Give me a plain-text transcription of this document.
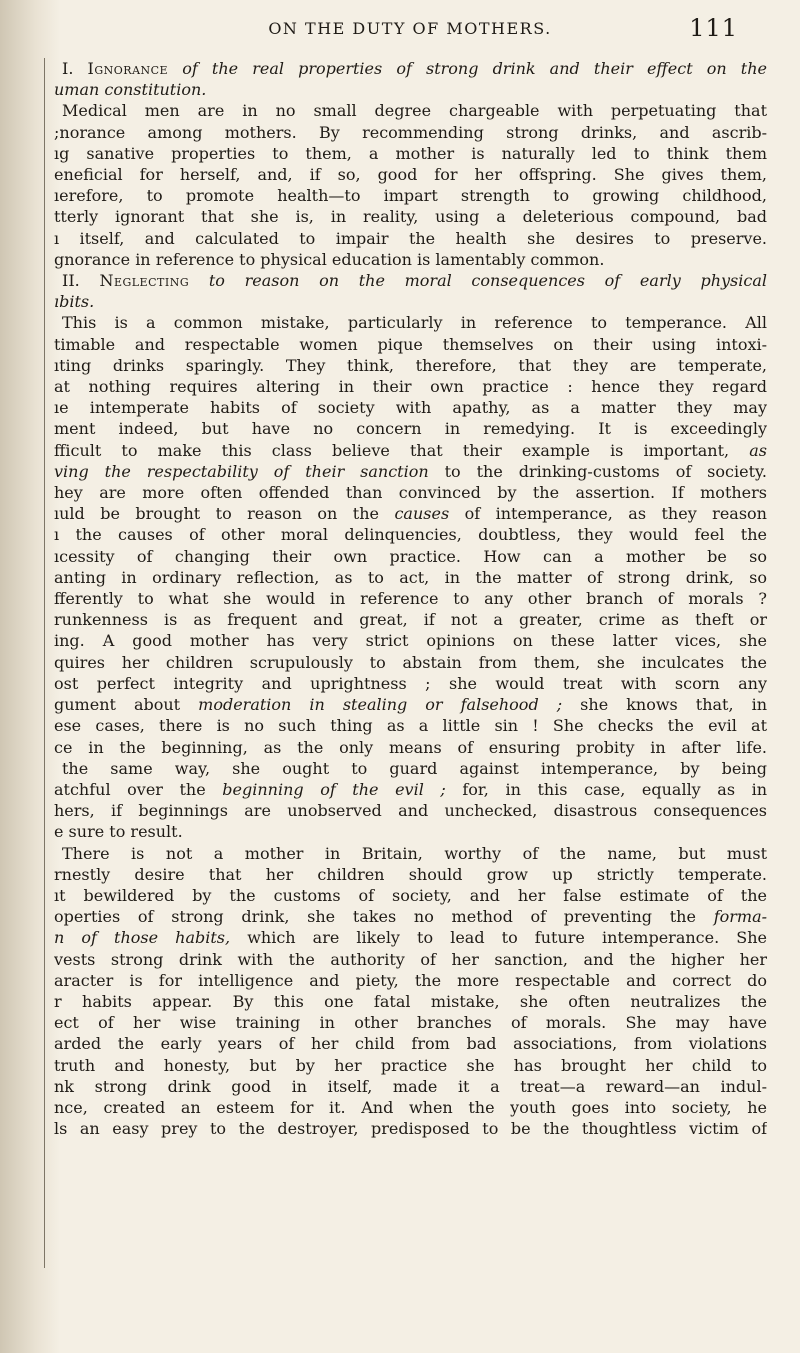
ON THE DUTY OF MOTHERS.	111
I. Ignorance of the real properties of strong drink and their effect on the
uman constitution.
Medical men are in no small degree chargeable with perpetuating that
;norance among mothers. By recommending strong drinks, and ascrib-
ıg sanative properties to them, a mother is naturally led to think them
eneficial for herself, and, if so, good for her offspring. She gives them,
ıerefore, to promote health—to impart strength to growing childhood,
tterly ignorant that she is, in reality, using a deleterious compound, bad
ı itself, and calculated to impair the health she desires to preserve.
gnorance in reference to physical education is lamentably common.
II. Neglecting to reason on the moral consequences of early physical
ıbits.
This is a common mistake, particularly in reference to temperance. All
timable and respectable women pique themselves on their using intoxi-
ıting drinks sparingly. They think, therefore, that they are temperate,
at nothing requires altering in their own practice : hence they regard
ıe intemperate habits of society with apathy, as a matter they may
ment indeed, but have no concern in remedying. It is exceedingly
fficult to make this class believe that their example is important, as
ving the respectability of their sanction to the drinking-customs of society.
hey are more often offended than convinced by the assertion. If mothers
ıuld be brought to reason on the causes of intemperance, as they reason
ı the causes of other moral delinquencies, doubtless, they would feel the
ıcessity of changing their own practice. How can a mother be so
anting in ordinary reflection, as to act, in the matter of strong drink, so
fferently to what she would in reference to any other branch of morals ?
runkenness is as frequent and great, if not a greater, crime as theft or
ing. A good mother has very strict opinions on these latter vices, she
quires her children scrupulously to abstain from them, she inculcates the
ost perfect integrity and uprightness ; she would treat with scorn any
gument about moderation in stealing or falsehood ; she knows that, in
ese cases, there is no such thing as a little sin ! She checks the evil at
ce in the beginning, as the only means of ensuring probity in after life.
the same way, she ought to guard against intemperance, by being
atchful over the beginning of the evil ; for, in this case, equally as in
hers, if beginnings are unobserved and unchecked, disastrous consequences
e sure to result.
There is not a mother in Britain, worthy of the name, but must
rnestly desire that her children should grow up strictly temperate.
ıt bewildered by the customs of society, and her false estimate of the
operties of strong drink, she takes no method of preventing the forma-
n of those habits, which are likely to lead to future intemperance. She
vests strong drink with the authority of her sanction, and the higher her
aracter is for intelligence and piety, the more respectable and correct do
r habits appear. By this one fatal mistake, she often neutralizes the
ect of her wise training in other branches of morals. She may have
arded the early years of her child from bad associations, from violations
truth and honesty, but by her practice she has brought her child to
nk strong drink good in itself, made it a treat—a reward—an indul-
nce, created an esteem for it. And when the youth goes into society, he
ls an easy prey to the destroyer, predisposed to be the thoughtless victim of
